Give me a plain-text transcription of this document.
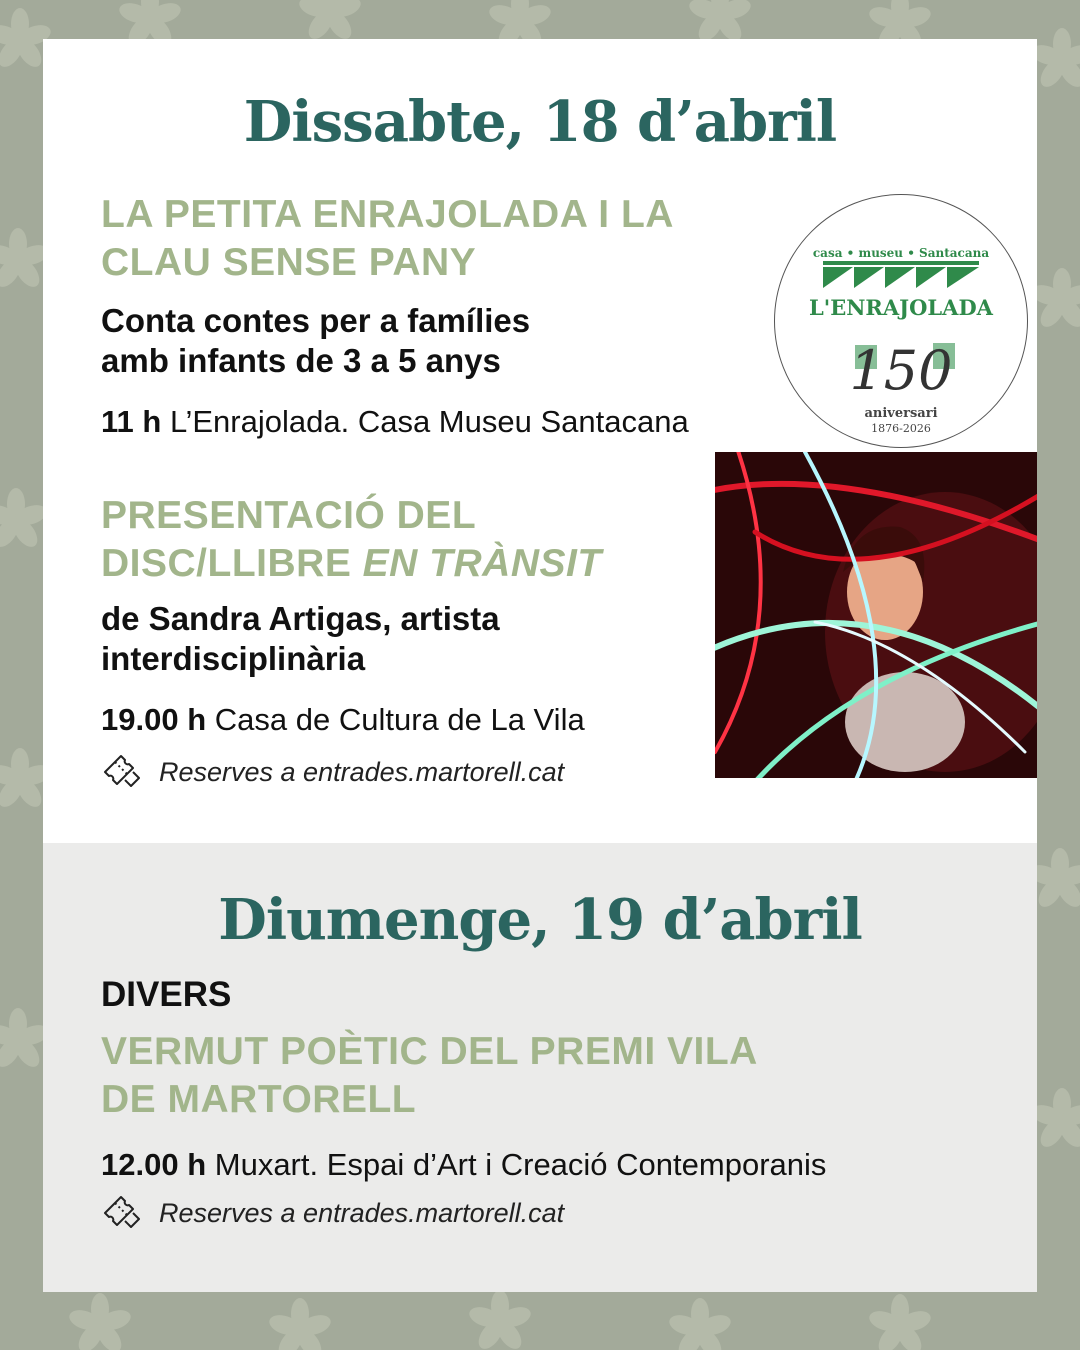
Dissabte, 18 d’abril
LA PETITA ENRAJOLADA I LA
CLAU SENSE PANY

Conta contes per a famílies
amb infants de 3 a 5 anys

11 h L’Enrajolada. Casa Museu Santacana

casa • museu • Santacana
L'ENRAJOLADA
150
aniversari
1876-2026
PRESENTACIÓ DEL
DISC/LLIBRE EN TRÀNSIT

de Sandra Artigas, artista
interdisciplinària

19.00 h Casa de Cultura de La Vila

Reserves a entrades.martorell.cat
Diumenge, 19 d’abril

DIVERS

VERMUT POÈTIC DEL PREMI VILA
DE MARTORELL

12.00 h Muxart. Espai d’Art i Creació Contemporanis

Reserves a entrades.martorell.cat
